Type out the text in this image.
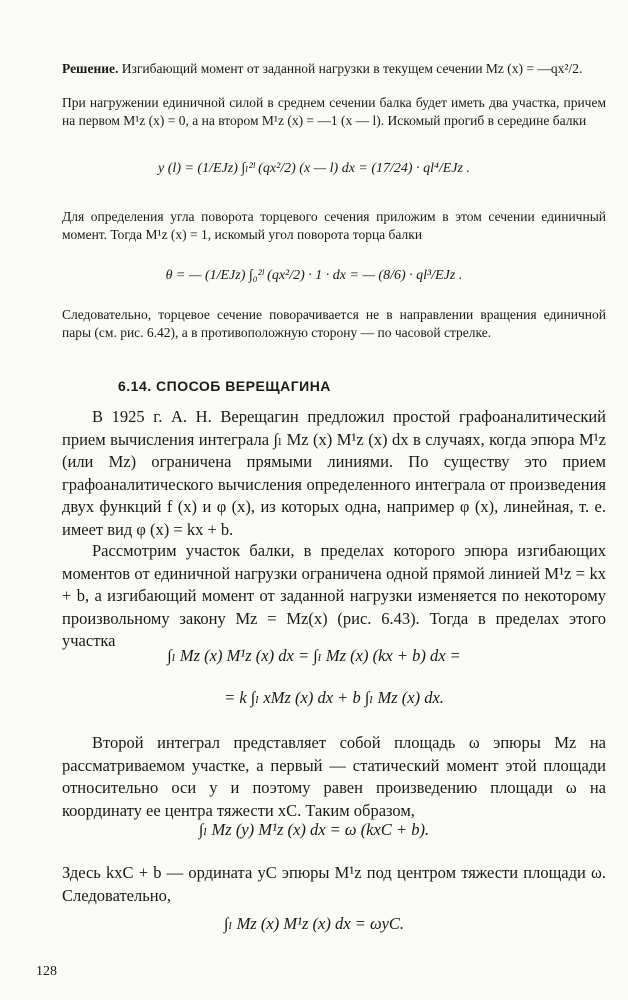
Решение. Изгибающий момент от заданной нагрузки в текущем сечении Mz (x) = —qx²/2.

При нагружении единичной силой в среднем сечении балка будет иметь два участка, причем на первом M¹z (x) = 0, а на втором M¹z (x) = —1 (x — l). Искомый прогиб в середине балки

y (l) = (1/EJz) ∫ₗ²ˡ (qx²/2) (x — l) dx = (17/24) · ql⁴/EJz .

Для определения угла поворота торцевого сечения приложим в этом сечении единичный момент. Тогда M¹z (x) = 1, искомый угол поворота торца балки

θ = — (1/EJz) ∫₀²ˡ (qx²/2) · 1 · dx = — (8/6) · ql³/EJz .

Следовательно, торцевое сечение поворачивается не в направлении вращения единичной пары (см. рис. 6.42), а в противоположную сторону — по часовой стрелке.

6.14. СПОСОБ ВЕРЕЩАГИНА

В 1925 г. А. Н. Верещагин предложил простой графоаналитический прием вычисления интеграла ∫ₗ Mz (x) M¹z (x) dx в случаях, когда эпюра M¹z (или Mz) ограничена прямыми линиями. По существу это прием графоаналитического вычисления определенного интеграла от произведения двух функций f (x) и φ (x), из которых одна, например φ (x), линейная, т. е. имеет вид φ (x) = kx + b.

Рассмотрим участок балки, в пределах которого эпюра изгибающих моментов от единичной нагрузки ограничена одной прямой линией M¹z = kx + b, а изгибающий момент от заданной нагрузки изменяется по некоторому произвольному закону Mz = Mz(x) (рис. 6.43). Тогда в пределах этого участка

∫ₗ Mz (x) M¹z (x) dx = ∫ₗ Mz (x) (kx + b) dx =
= k ∫ₗ xMz (x) dx + b ∫ₗ Mz (x) dx.

Второй интеграл представляет собой площадь ω эпюры Mz на рассматриваемом участке, а первый — статический момент этой площади относительно оси y и поэтому равен произведению площади ω на координату ее центра тяжести xC. Таким образом,

∫ₗ Mz (y) M¹z (x) dx = ω (kxC + b).

Здесь kxC + b — ордината yC эпюры M¹z под центром тяжести площади ω. Следовательно,

∫ₗ Mz (x) M¹z (x) dx = ωyC.
128
